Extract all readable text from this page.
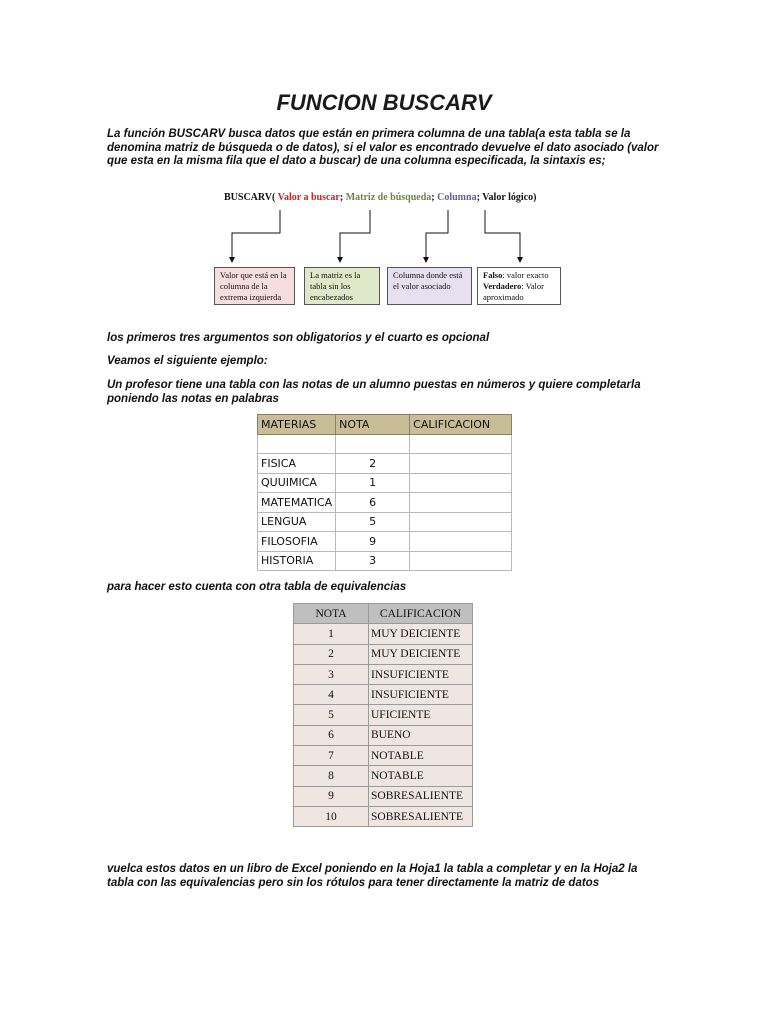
FUNCION BUSCARV
La función BUSCARV busca datos que están en primera columna de una tabla(a esta tabla se la denomina matriz de búsqueda o de datos), si el valor es encontrado devuelve el dato asociado (valor que esta en la misma fila que el dato a buscar) de una columna especificada, la sintaxis es;
BUSCARV( Valor a buscar; Matriz de búsqueda; Columna; Valor lógico)
Valor que está en la columna de la extrema izquierda
La matriz es la tabla sin los encabezados
Columna donde está el valor asociado
Falso: valor exacto
Verdadero: Valor aproximado
los primeros tres argumentos son obligatorios y el cuarto es opcional
Veamos el siguiente ejemplo:
Un profesor tiene una tabla con las notas de un alumno puestas en números y quiere completarla poniendo las notas en palabras
MATERIAS	NOTA	CALIFICACION

FISICA	2	
QUUIMICA	1	
MATEMATICA	6	
LENGUA	5	
FILOSOFIA	9	
HISTORIA	3	
para hacer esto cuenta con otra tabla de equivalencias
NOTA	CALIFICACION
1	MUY DEICIENTE
2	MUY DEICIENTE
3	INSUFICIENTE
4	INSUFICIENTE
5	UFICIENTE
6	BUENO
7	NOTABLE
8	NOTABLE
9	SOBRESALIENTE
10	SOBRESALIENTE
vuelca estos datos en un libro de Excel poniendo en la Hoja1 la tabla a completar y en la Hoja2 la tabla con las equivalencias pero sin los rótulos para tener directamente la matriz de datos
